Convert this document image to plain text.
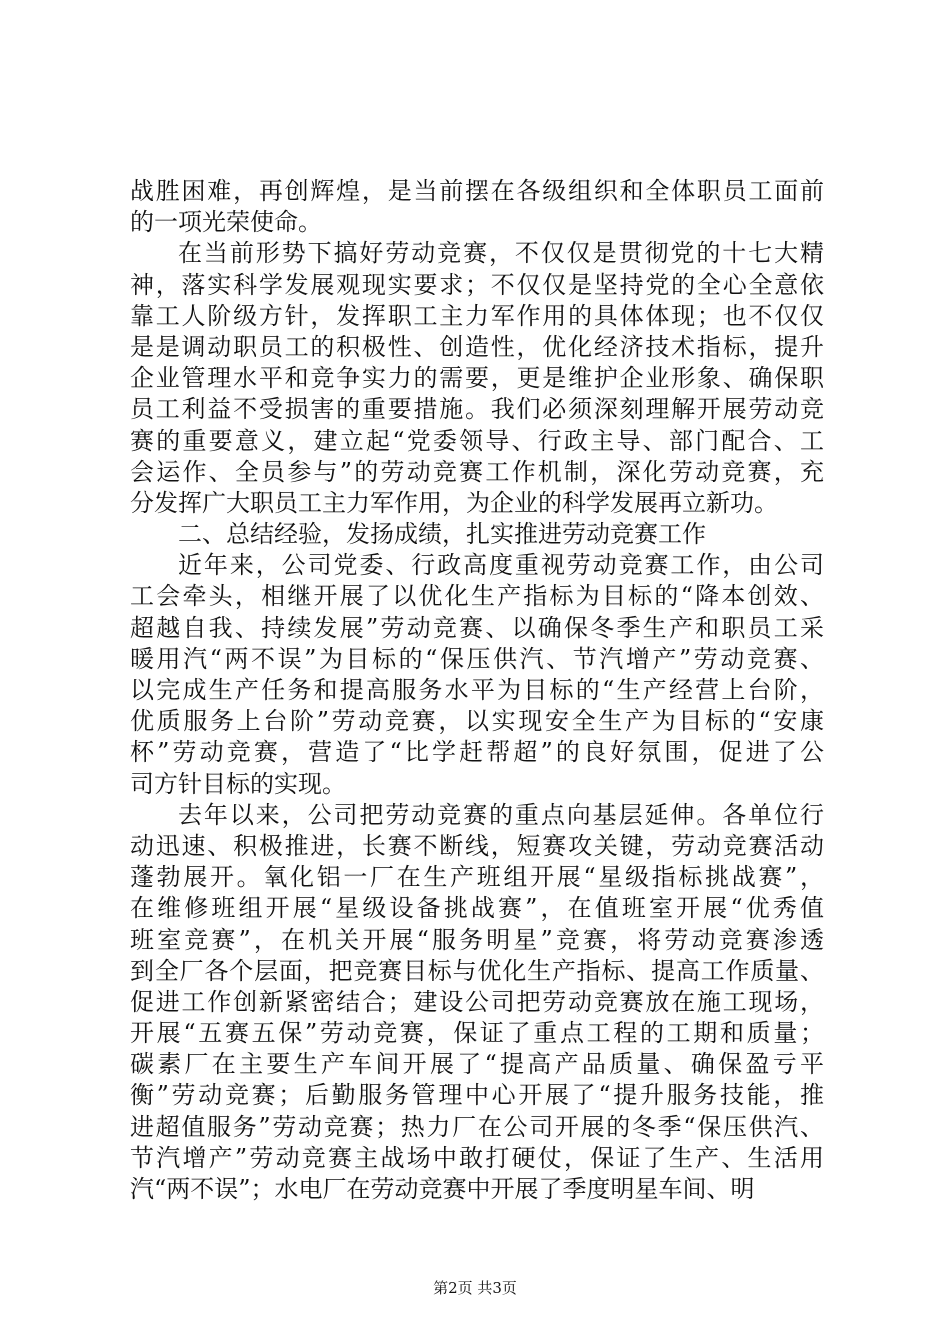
战胜困难，再创辉煌，是当前摆在各级组织和全体职员工面前
的一项光荣使命。
在当前形势下搞好劳动竞赛，不仅仅是贯彻党的十七大精
神，落实科学发展观现实要求；不仅仅是坚持党的全心全意依
靠工人阶级方针，发挥职工主力军作用的具体体现；也不仅仅
是是调动职员工的积极性、创造性，优化经济技术指标，提升
企业管理水平和竞争实力的需要，更是维护企业形象、确保职
员工利益不受损害的重要措施。我们必须深刻理解开展劳动竞
赛的重要意义，建立起“党委领导、行政主导、部门配合、工
会运作、全员参与”的劳动竞赛工作机制，深化劳动竞赛，充
分发挥广大职员工主力军作用，为企业的科学发展再立新功。
二、总结经验，发扬成绩，扎实推进劳动竞赛工作
近年来，公司党委、行政高度重视劳动竞赛工作，由公司
工会牵头，相继开展了以优化生产指标为目标的“降本创效、
超越自我、持续发展”劳动竞赛、以确保冬季生产和职员工采
暖用汽“两不误”为目标的“保压供汽、节汽增产”劳动竞赛、
以完成生产任务和提高服务水平为目标的“生产经营上台阶，
优质服务上台阶”劳动竞赛，以实现安全生产为目标的“安康
杯”劳动竞赛，营造了“比学赶帮超”的良好氛围，促进了公
司方针目标的实现。
去年以来，公司把劳动竞赛的重点向基层延伸。各单位行
动迅速、积极推进，长赛不断线，短赛攻关键，劳动竞赛活动
蓬勃展开。氧化铝一厂在生产班组开展“星级指标挑战赛”，
在维修班组开展“星级设备挑战赛”，在值班室开展“优秀值
班室竞赛”，在机关开展“服务明星”竞赛，将劳动竞赛渗透
到全厂各个层面，把竞赛目标与优化生产指标、提高工作质量、
促进工作创新紧密结合；建设公司把劳动竞赛放在施工现场，
开展“五赛五保”劳动竞赛，保证了重点工程的工期和质量；
碳素厂在主要生产车间开展了“提高产品质量、确保盈亏平
衡”劳动竞赛；后勤服务管理中心开展了“提升服务技能，推
进超值服务”劳动竞赛；热力厂在公司开展的冬季“保压供汽、
节汽增产”劳动竞赛主战场中敢打硬仗，保证了生产、生活用
汽“两不误”；水电厂在劳动竞赛中开展了季度明星车间、明
第2页 共3页
